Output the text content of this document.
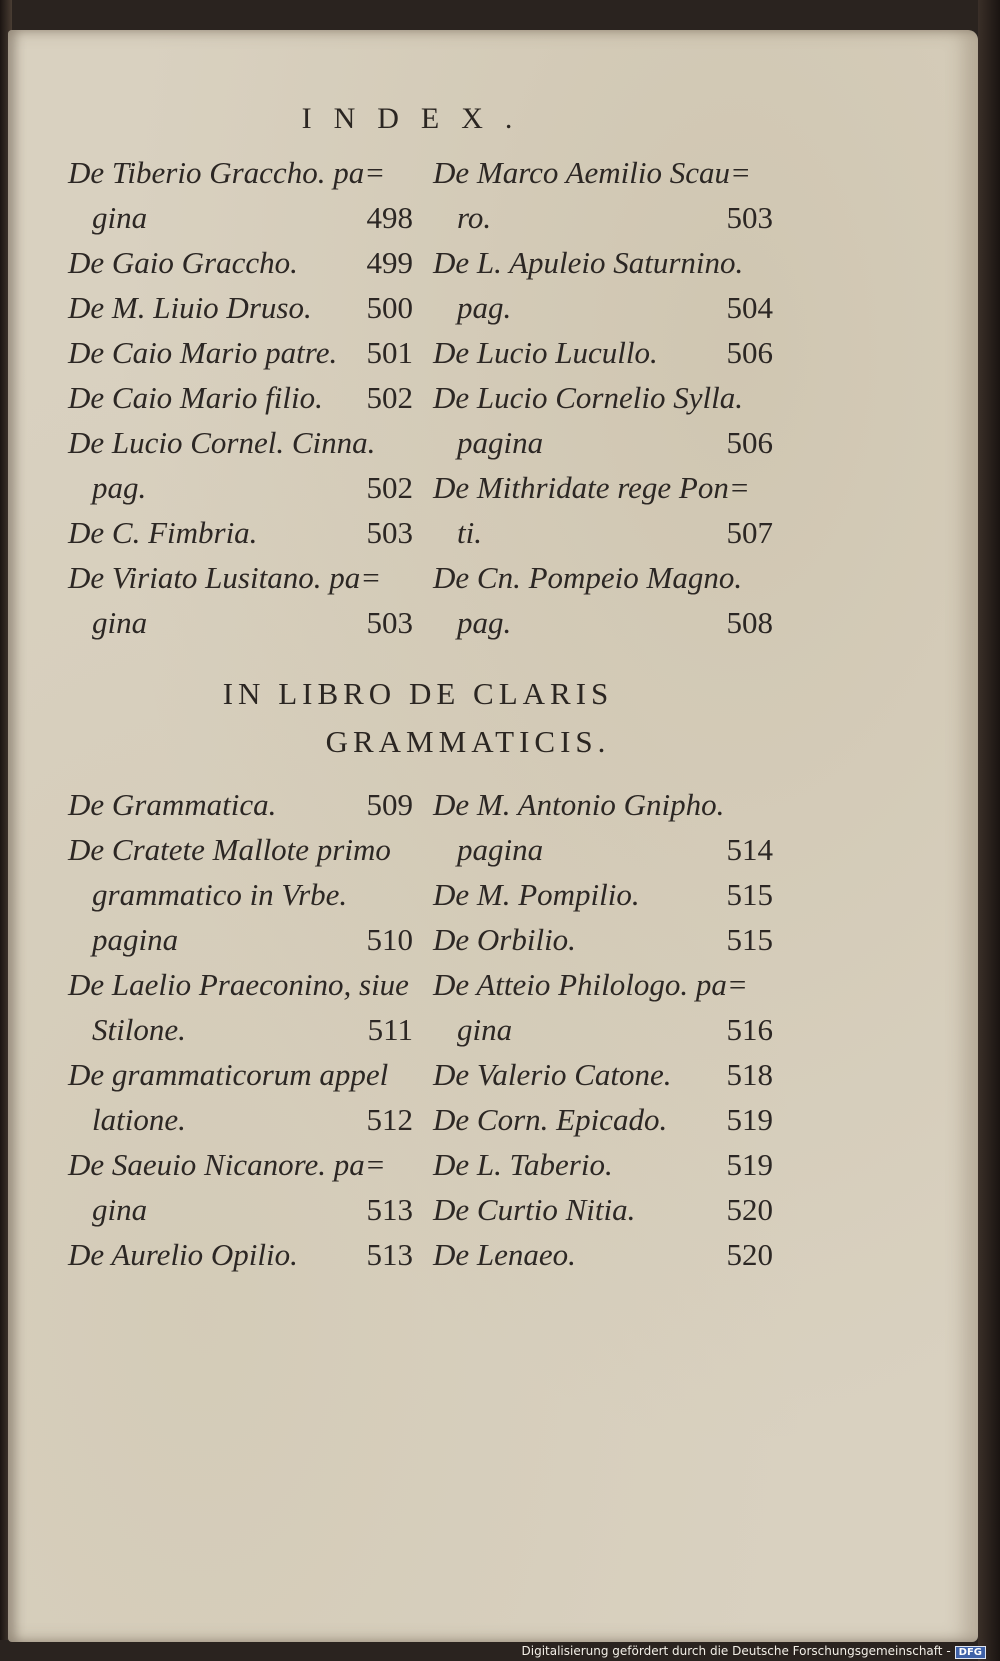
INDEX.
De Tiberio Graccho. pa=
gina	498
De Gaio Graccho. 499
De M. Liuio Druso. 500
De Caio Mario patre. 501
De Caio Mario filio. 502
De Lucio Cornel. Cinna.
pag.	502
De C. Fimbria.	503
De Viriato Lusitano. pa=
gina	503
De Marco Aemilio Scau=
ro.	503
De L. Apuleio Saturnino.
pag.	504
De Lucio Lucullo. 506
De Lucio Cornelio Sylla.
pagina	506
De Mithridate rege Pon=
ti.	507
De Cn. Pompeio Magno.
pag.	508
IN LIBRO DE CLARIS
GRAMMATICIS.
De Grammatica.	509
De Cratete Mallote primo
grammatico in Vrbe.
pagina	510
De Laelio Praeconino, siue
Stilone.	511
De grammaticorum appel
latione.	512
De Saeuio Nicanore. pa=
gina	513
De Aurelio Opilio. 513
De M. Antonio Gnipho.
pagina	514
De M. Pompilio.	515
De Orbilio.	515
De Atteio Philologo. pa=
gina	516
De Valerio Catone. 518
De Corn. Epicado. 519
De L. Taberio.	519
De Curtio Nitia.	520
De Lenaeo.	520
Digitalisierung gefördert durch die Deutsche Forschungsgemeinschaft - DFG
